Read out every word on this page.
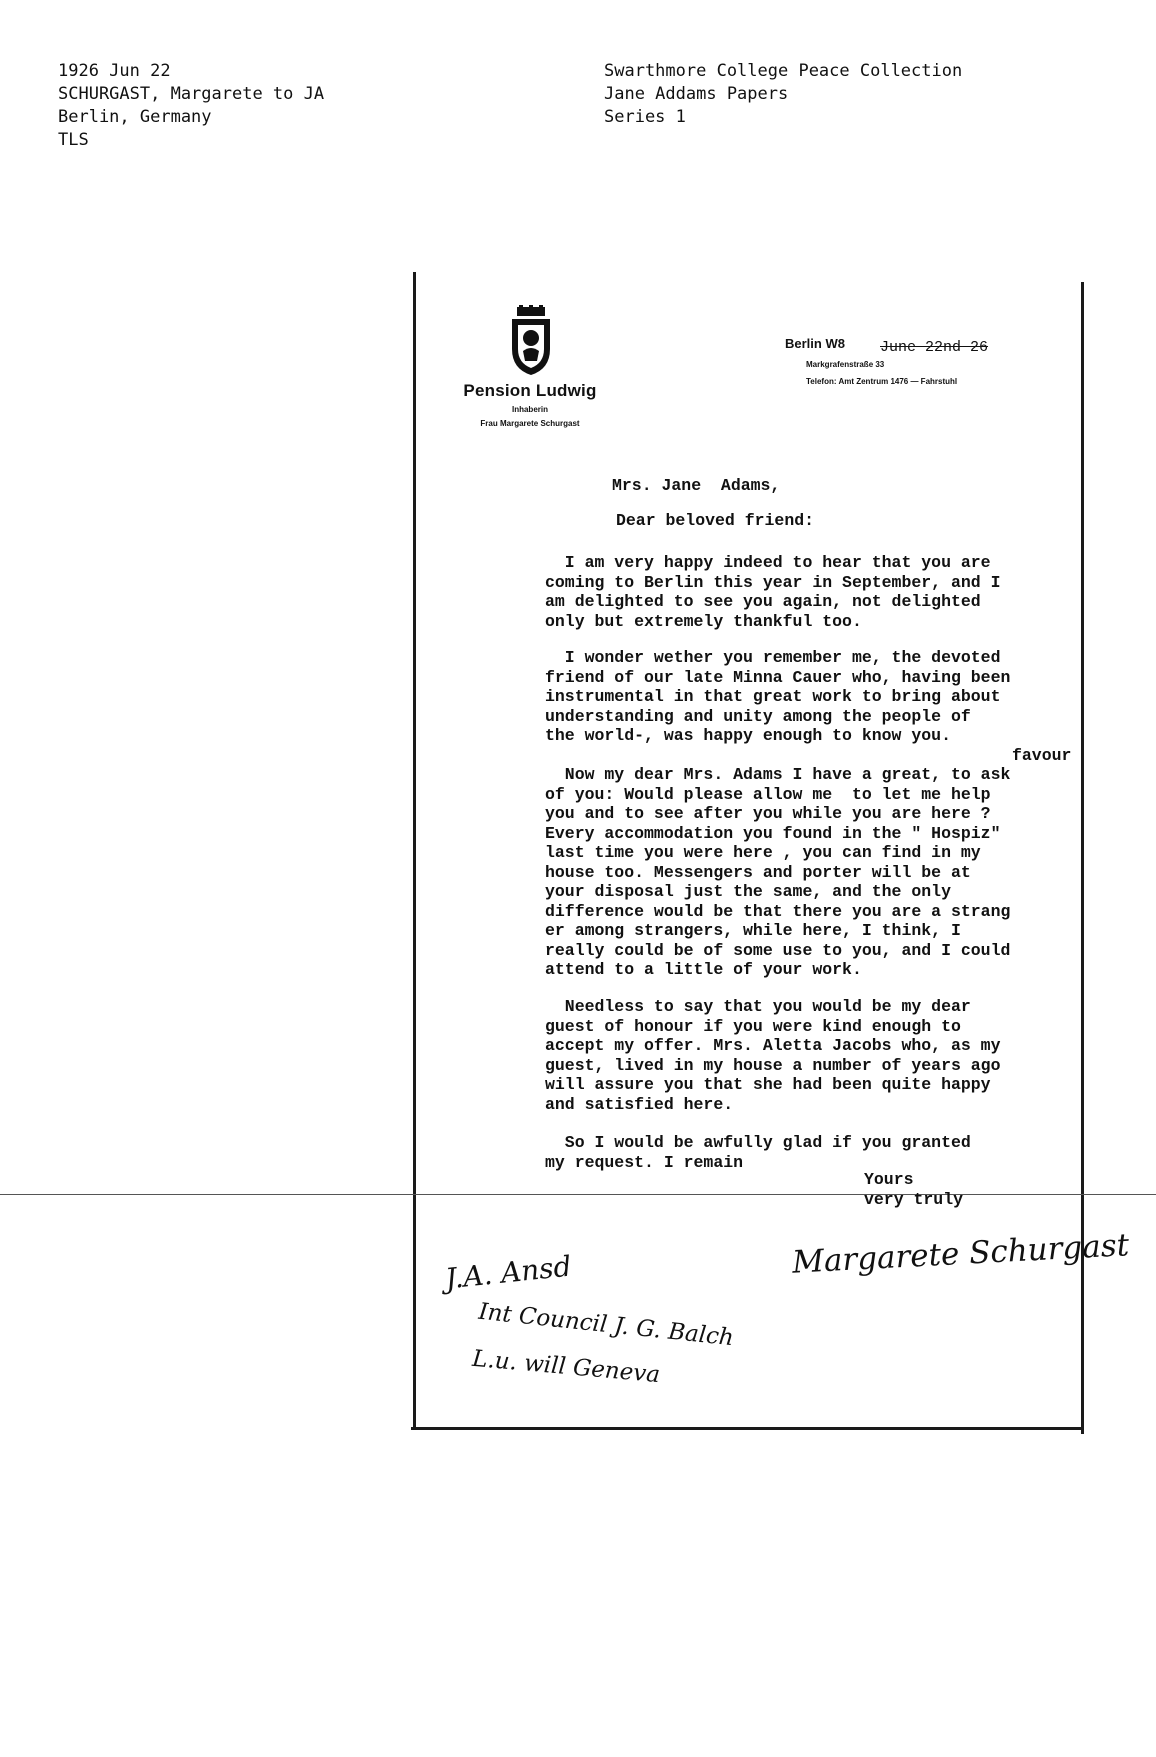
1926 Jun 22
SCHURGAST, Margarete to JA
Berlin, Germany
TLS
Swarthmore College Peace Collection
Jane Addams Papers
Series 1
Pension Ludwig
Inhaberin
Frau Margarete Schurgast
Berlin W8 June 22nd 26
Markgrafenstraße 33
Telefon: Amt Zentrum 1476 — Fahrstuhl
Mrs. Jane  Adams,
Dear beloved friend:
I am very happy indeed to hear that you are
coming to Berlin this year in September, and I
am delighted to see you again, not delighted
only but extremely thankful too.
I wonder wether you remember me, the devoted
friend of our late Minna Cauer who, having been
instrumental in that great work to bring about
understanding and unity among the people of
the world-, was happy enough to know you.
favour
Now my dear Mrs. Adams I have a great, to ask
of you: Would please allow me  to let me help
you and to see after you while you are here ?
Every accommodation you found in the " Hospiz"
last time you were here , you can find in my
house too. Messengers and porter will be at
your disposal just the same, and the only
difference would be that there you are a strang
er among strangers, while here, I think, I
really could be of some use to you, and I could
attend to a little of your work.
Needless to say that you would be my dear
guest of honour if you were kind enough to
accept my offer. Mrs. Aletta Jacobs who, as my
guest, lived in my house a number of years ago
will assure you that she had been quite happy
and satisfied here.
So I would be awfully glad if you granted
my request. I remain
Yours
very truly
Margarete Schurgast
J.A. Ansd
Int Council J. G. Balch
L.u. will Geneva
